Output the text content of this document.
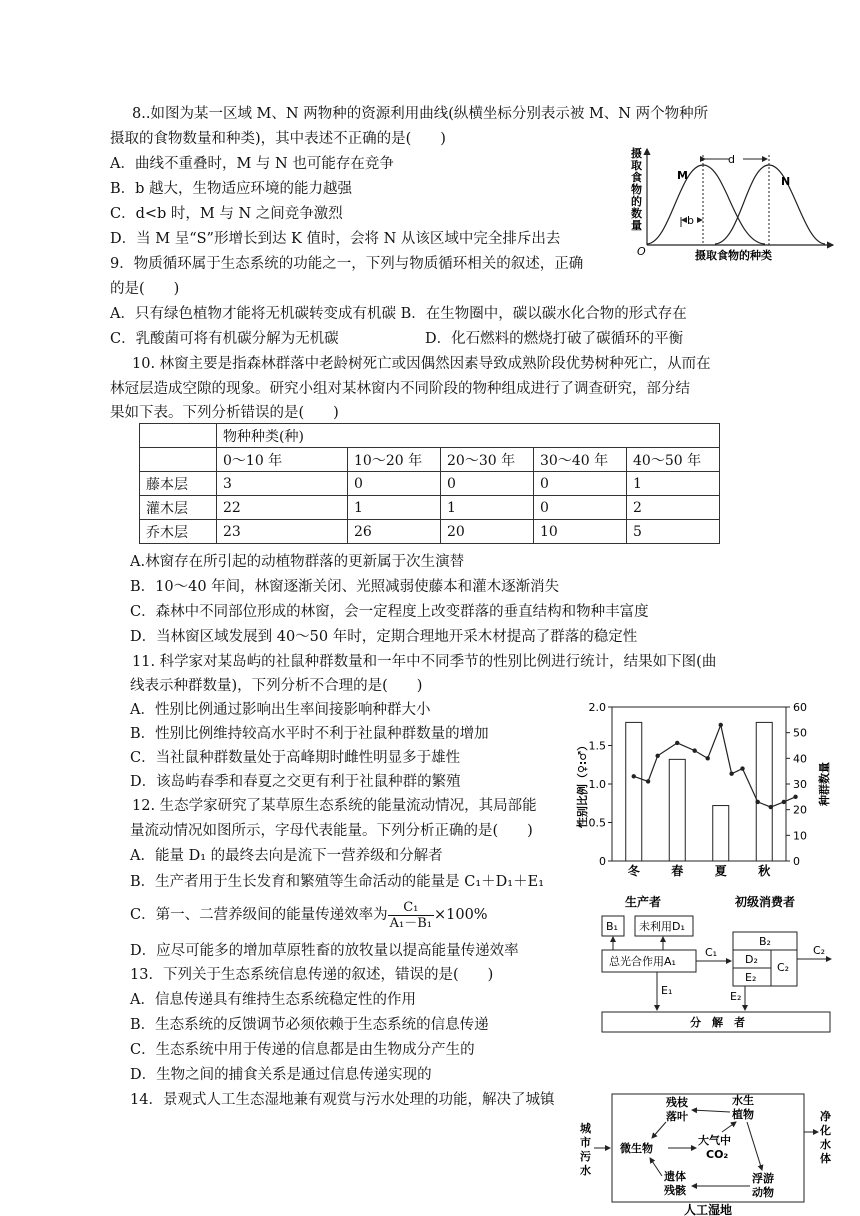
8..如图为某一区域 M、N 两物种的资源利用曲线(纵横坐标分别表示被 M、N 两个物种所
摄取的食物数量和种类)，其中表述不正确的是(　　)
A．曲线不重叠时，M 与 N 也可能存在竞争
B．b 越大，生物适应环境的能力越强
C．d<b 时，M 与 N 之间竞争激烈
D．当 M 呈“S”形增长到达 K 值时，会将 N 从该区域中完全排斥出去
d
b
M	N
O	摄取食物的种类
摄
取
食
物
的
数
量
9．物质循环属于生态系统的功能之一，下列与物质循环相关的叙述，正确
的是(　　)
A．只有绿色植物才能将无机碳转变成有机碳 B．在生物圈中，碳以碳水化合物的形式存在
C．乳酸菌可将有机碳分解为无机碳	D．化石燃料的燃烧打破了碳循环的平衡
10. 林窗主要是指森林群落中老龄树死亡或因偶然因素导致成熟阶段优势树种死亡，从而在
林冠层造成空隙的现象。研究小组对某林窗内不同阶段的物种组成进行了调查研究，部分结
果如下表。下列分析错误的是(　　)
	物种种类(种)				
	0～10 年	10～20 年	20～30 年	30～40 年	40～50 年
藤本层	3	0	0	0	1
灌木层	22	1	1	0	2
乔木层	23	26	20	10	5
A.林窗存在所引起的动植物群落的更新属于次生演替
B．10～40 年间，林窗逐渐关闭、光照减弱使藤本和灌木逐渐消失
C．森林中不同部位形成的林窗，会一定程度上改变群落的垂直结构和物种丰富度
D．当林窗区域发展到 40～50 年时，定期合理地开采木材提高了群落的稳定性
11. 科学家对某岛屿的社鼠种群数量和一年中不同季节的性别比例进行统计，结果如下图(曲
线表示种群数量)，下列分析不合理的是(　　)
A．性别比例通过影响出生率间接影响种群大小
B．性别比例维持较高水平时不利于社鼠种群数量的增加
C．当社鼠种群数量处于高峰期时雌性明显多于雄性
D．该岛屿春季和春夏之交更有利于社鼠种群的繁殖
0
0.5
1.0
1.5
2.0
0
10
20
30
40
50
60
冬	春	夏	秋
性别比例（♀:♂）	种群数量
12. 生态学家研究了某草原生态系统的能量流动情况，其局部能
量流动情况如图所示，字母代表能量。下列分析正确的是(　　)
A．能量 D₁ 的最终去向是流下一营养级和分解者
B．生产者用于生长发育和繁殖等生命活动的能量是 C₁＋D₁＋E₁
C．第一、二营养级间的能量传递效率为 $\frac{\text{C₁}}{\text{A₁－B₁}} \times 100\%$
D．应尽可能多的增加草原牲畜的放牧量以提高能量传递效率
生产者	初级消费者
B₁ 未利用D₁
总光合作用A₁
C₁
B₂
D₂
E₂
C₂
C₂
E₁	E₂
分　解　者
13．下列关于生态系统信息传递的叙述，错误的是(　　)
A．信息传递具有维持生态系统稳定性的作用
B．生态系统的反馈调节必须依赖于生态系统的信息传递
C．生态系统中用于传递的信息都是由生物成分产生的
D．生物之间的捕食关系是通过信息传递实现的
14．景观式人工生态湿地兼有观赏与污水处理的功能，解决了城镇
城
市
污
水
净
化
水
体
残枝
落叶
水生
植物
微生物
大气中
CO₂
遗体
残骸
浮游
动物
人工湿地
